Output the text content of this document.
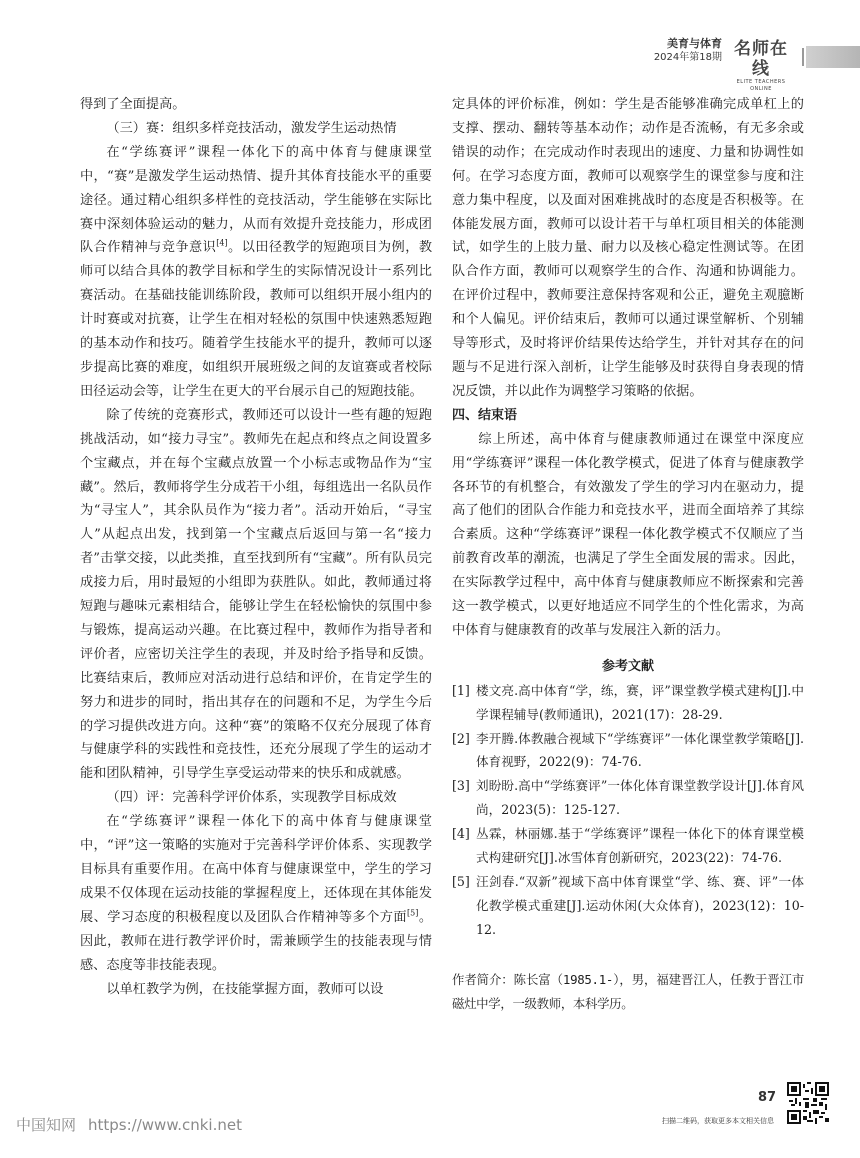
美育与体育
2024年第18期 名师在线
ELITE TEACHERS ONLINE

得到了全面提高。

（三）赛：组织多样竞技活动，激发学生运动热情

在“学练赛评”课程一体化下的高中体育与健康课堂中，“赛”是激发学生运动热情、提升其体育技能水平的重要途径。通过精心组织多样性的竞技活动，学生能够在实际比赛中深刻体验运动的魅力，从而有效提升竞技能力，形成团队合作精神与竞争意识[4]。以田径教学的短跑项目为例，教师可以结合具体的教学目标和学生的实际情况设计一系列比赛活动。在基础技能训练阶段，教师可以组织开展小组内的计时赛或对抗赛，让学生在相对轻松的氛围中快速熟悉短跑的基本动作和技巧。随着学生技能水平的提升，教师可以逐步提高比赛的难度，如组织开展班级之间的友谊赛或者校际田径运动会等，让学生在更大的平台展示自己的短跑技能。

除了传统的竞赛形式，教师还可以设计一些有趣的短跑挑战活动，如“接力寻宝”。教师先在起点和终点之间设置多个宝藏点，并在每个宝藏点放置一个小标志或物品作为“宝藏”。然后，教师将学生分成若干小组，每组选出一名队员作为“寻宝人”，其余队员作为“接力者”。活动开始后，“寻宝人”从起点出发，找到第一个宝藏点后返回与第一名“接力者”击掌交接，以此类推，直至找到所有“宝藏”。所有队员完成接力后，用时最短的小组即为获胜队。如此，教师通过将短跑与趣味元素相结合，能够让学生在轻松愉快的氛围中参与锻炼，提高运动兴趣。在比赛过程中，教师作为指导者和评价者，应密切关注学生的表现，并及时给予指导和反馈。比赛结束后，教师应对活动进行总结和评价，在肯定学生的努力和进步的同时，指出其存在的问题和不足，为学生今后的学习提供改进方向。这种“赛”的策略不仅充分展现了体育与健康学科的实践性和竞技性，还充分展现了学生的运动才能和团队精神，引导学生享受运动带来的快乐和成就感。

（四）评：完善科学评价体系，实现教学目标成效

在“学练赛评”课程一体化下的高中体育与健康课堂中，“评”这一策略的实施对于完善科学评价体系、实现教学目标具有重要作用。在高中体育与健康课堂中，学生的学习成果不仅体现在运动技能的掌握程度上，还体现在其体能发展、学习态度的积极程度以及团队合作精神等多个方面[5]。因此，教师在进行教学评价时，需兼顾学生的技能表现与情感、态度等非技能表现。

以单杠教学为例，在技能掌握方面，教师可以设

定具体的评价标准，例如：学生是否能够准确完成单杠上的支撑、摆动、翻转等基本动作；动作是否流畅，有无多余或错误的动作；在完成动作时表现出的速度、力量和协调性如何。在学习态度方面，教师可以观察学生的课堂参与度和注意力集中程度，以及面对困难挑战时的态度是否积极等。在体能发展方面，教师可以设计若干与单杠项目相关的体能测试，如学生的上肢力量、耐力以及核心稳定性测试等。在团队合作方面，教师可以观察学生的合作、沟通和协调能力。在评价过程中，教师要注意保持客观和公正，避免主观臆断和个人偏见。评价结束后，教师可以通过课堂解析、个别辅导等形式，及时将评价结果传达给学生，并针对其存在的问题与不足进行深入剖析，让学生能够及时获得自身表现的情况反馈，并以此作为调整学习策略的依据。

四、结束语

综上所述，高中体育与健康教师通过在课堂中深度应用“学练赛评”课程一体化教学模式，促进了体育与健康教学各环节的有机整合，有效激发了学生的学习内在驱动力，提高了他们的团队合作能力和竞技水平，进而全面培养了其综合素质。这种“学练赛评”课程一体化教学模式不仅顺应了当前教育改革的潮流，也满足了学生全面发展的需求。因此，在实际教学过程中，高中体育与健康教师应不断探索和完善这一教学模式，以更好地适应不同学生的个性化需求，为高中体育与健康教育的改革与发展注入新的活力。

参考文献

[1] 楼文亮.高中体育“学，练，赛，评”课堂教学模式建构[J].中学课程辅导(教师通讯)，2021(17)：28-29.
[2] 李开腾.体教融合视域下“学练赛评”一体化课堂教学策略[J].体育视野，2022(9)：74-76.
[3] 刘盼盼.高中“学练赛评”一体化体育课堂教学设计[J].体育风尚，2023(5)：125-127.
[4] 丛霖，林丽娜.基于“学练赛评”课程一体化下的体育课堂模式构建研究[J].冰雪体育创新研究，2023(22)：74-76.
[5] 汪剑春.“双新”视域下高中体育课堂“学、练、赛、评”一体化教学模式重建[J].运动休闲(大众体育)，2023(12)：10-12.

作者简介：陈长富（1985.1-），男，福建晋江人，任教于晋江市磁灶中学，一级教师，本科学历。

中国知网 https://www.cnki.net
87
扫描二维码，获取更多本文相关信息
